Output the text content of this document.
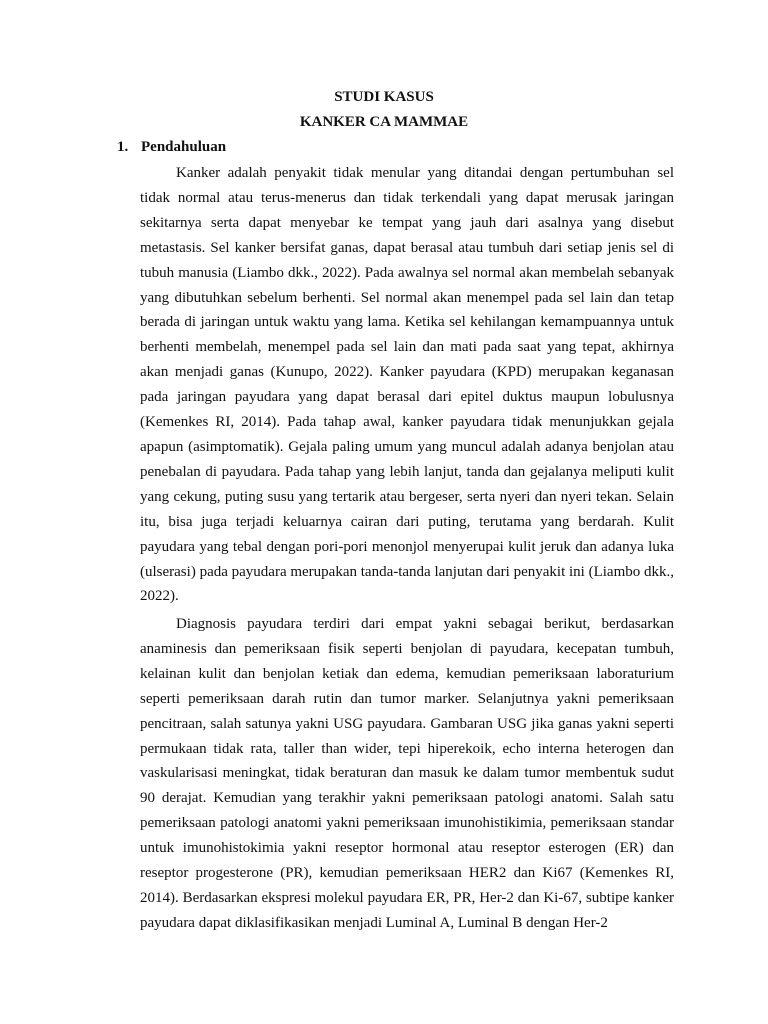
STUDI KASUS
KANKER CA MAMMAE
1. Pendahuluan

Kanker adalah penyakit tidak menular yang ditandai dengan pertumbuhan sel tidak normal atau terus-menerus dan tidak terkendali yang dapat merusak jaringan sekitarnya serta dapat menyebar ke tempat yang jauh dari asalnya yang disebut metastasis. Sel kanker bersifat ganas, dapat berasal atau tumbuh dari setiap jenis sel di tubuh manusia (Liambo dkk., 2022). Pada awalnya sel normal akan membelah sebanyak yang dibutuhkan sebelum berhenti. Sel normal akan menempel pada sel lain dan tetap berada di jaringan untuk waktu yang lama. Ketika sel kehilangan kemampuannya untuk berhenti membelah, menempel pada sel lain dan mati pada saat yang tepat, akhirnya akan menjadi ganas (Kunupo, 2022). Kanker payudara (KPD) merupakan keganasan pada jaringan payudara yang dapat berasal dari epitel duktus maupun lobulusnya (Kemenkes RI, 2014). Pada tahap awal, kanker payudara tidak menunjukkan gejala apapun (asimptomatik). Gejala paling umum yang muncul adalah adanya benjolan atau penebalan di payudara. Pada tahap yang lebih lanjut, tanda dan gejalanya meliputi kulit yang cekung, puting susu yang tertarik atau bergeser, serta nyeri dan nyeri tekan. Selain itu, bisa juga terjadi keluarnya cairan dari puting, terutama yang berdarah. Kulit payudara yang tebal dengan pori-pori menonjol menyerupai kulit jeruk dan adanya luka (ulserasi) pada payudara merupakan tanda-tanda lanjutan dari penyakit ini (Liambo dkk., 2022).

Diagnosis payudara terdiri dari empat yakni sebagai berikut, berdasarkan anaminesis dan pemeriksaan fisik seperti benjolan di payudara, kecepatan tumbuh, kelainan kulit dan benjolan ketiak dan edema, kemudian pemeriksaan laboraturium seperti pemeriksaan darah rutin dan tumor marker. Selanjutnya yakni pemeriksaan pencitraan, salah satunya yakni USG payudara. Gambaran USG jika ganas yakni seperti permukaan tidak rata, taller than wider, tepi hiperekoik, echo interna heterogen dan vaskularisasi meningkat, tidak beraturan dan masuk ke dalam tumor membentuk sudut 90 derajat. Kemudian yang terakhir yakni pemeriksaan patologi anatomi. Salah satu pemeriksaan patologi anatomi yakni pemeriksaan imunohistikimia, pemeriksaan standar untuk imunohistokimia yakni reseptor hormonal atau reseptor esterogen (ER) dan reseptor progesterone (PR), kemudian pemeriksaan HER2 dan Ki67 (Kemenkes RI, 2014). Berdasarkan ekspresi molekul payudara ER, PR, Her-2 dan Ki-67, subtipe kanker payudara dapat diklasifikasikan menjadi Luminal A, Luminal B dengan Her-2
